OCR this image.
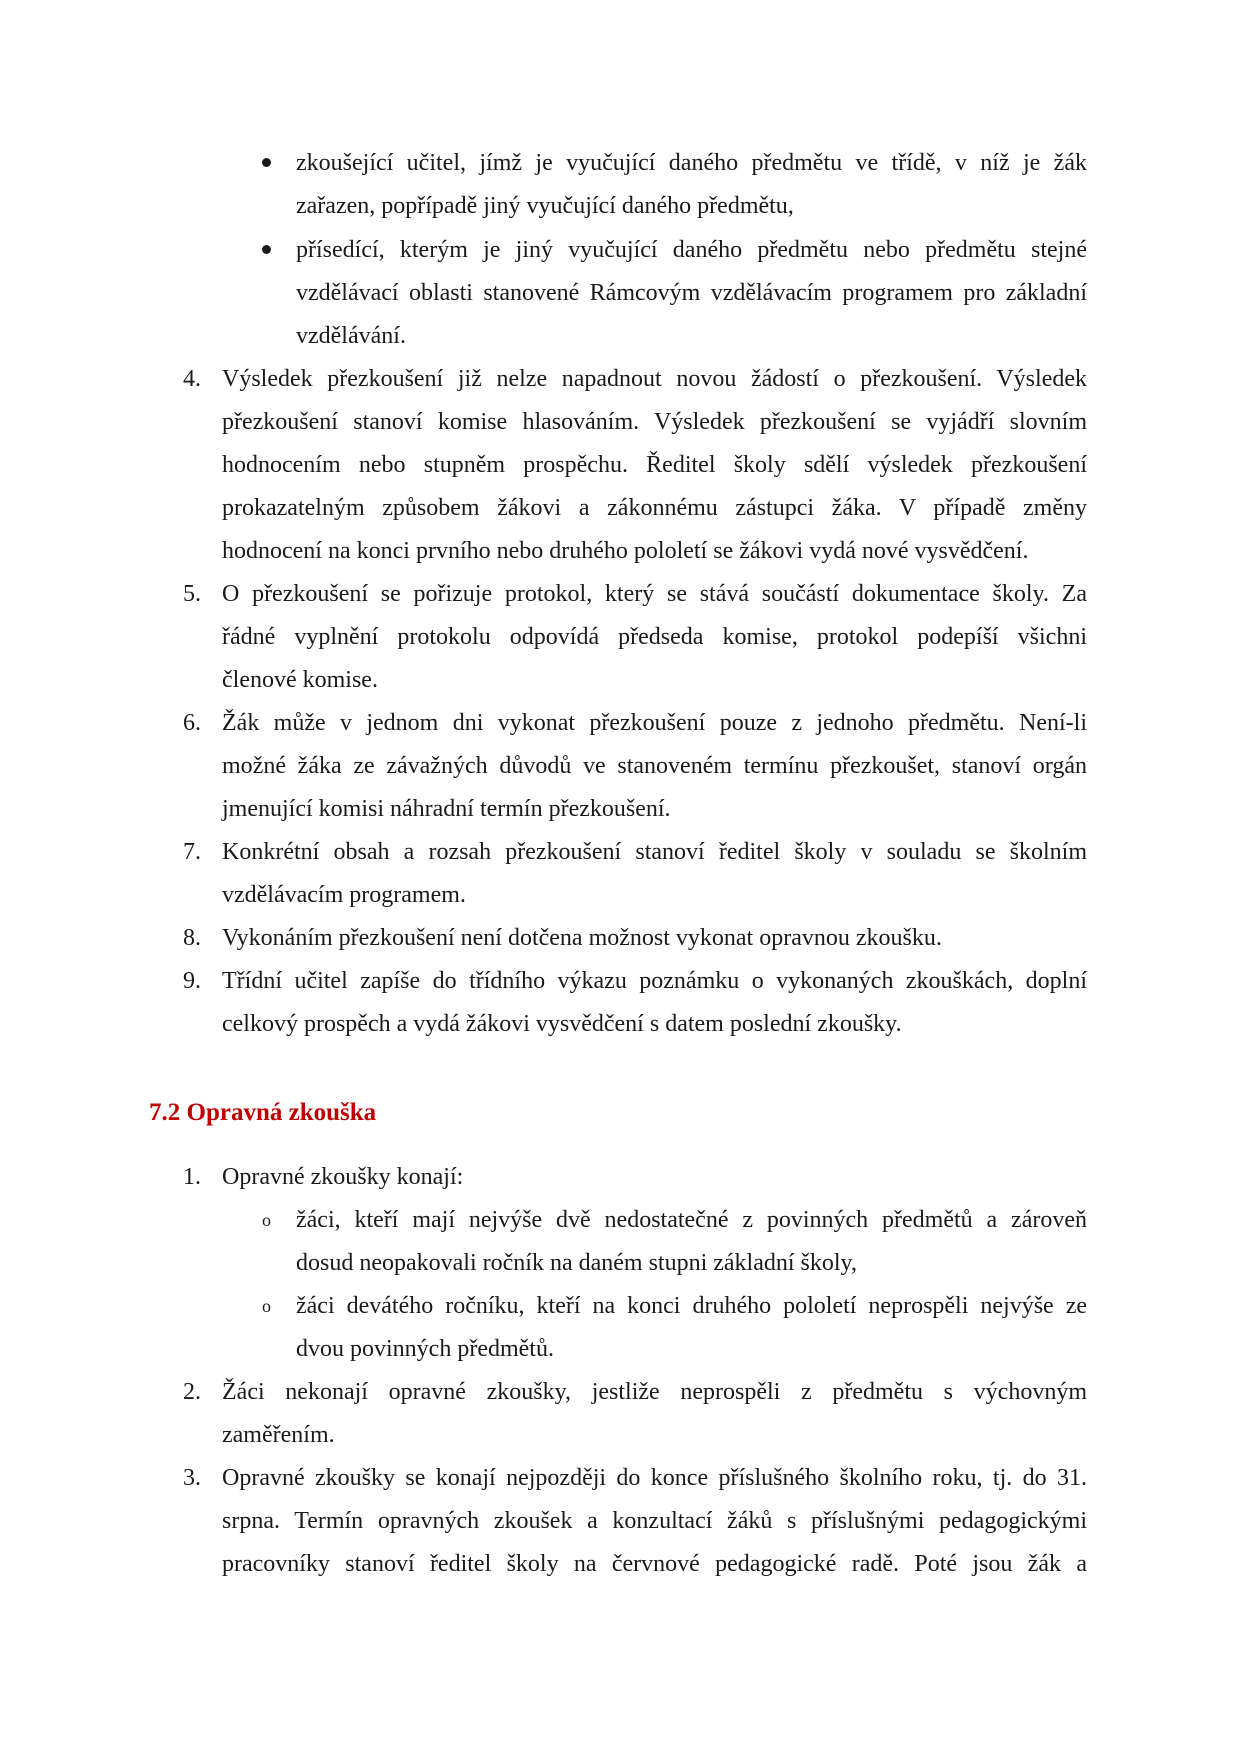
zkoušející učitel, jímž je vyučující daného předmětu ve třídě, v níž je žák
zařazen, popřípadě jiný vyučující daného předmětu,
přísedící, kterým je jiný vyučující daného předmětu nebo předmětu stejné
vzdělávací oblasti stanovené Rámcovým vzdělávacím programem pro základní
vzdělávání.
4. Výsledek přezkoušení již nelze napadnout novou žádostí o přezkoušení. Výsledek
přezkoušení stanoví komise hlasováním. Výsledek přezkoušení se vyjádří slovním
hodnocením nebo stupněm prospěchu. Ředitel školy sdělí výsledek přezkoušení
prokazatelným způsobem žákovi a zákonnému zástupci žáka. V případě změny
hodnocení na konci prvního nebo druhého pololetí se žákovi vydá nové vysvědčení.
5. O přezkoušení se pořizuje protokol, který se stává součástí dokumentace školy. Za
řádné vyplnění protokolu odpovídá předseda komise, protokol podepíší všichni
členové komise.
6. Žák může v jednom dni vykonat přezkoušení pouze z jednoho předmětu. Není-li
možné žáka ze závažných důvodů ve stanoveném termínu přezkoušet, stanoví orgán
jmenující komisi náhradní termín přezkoušení.
7. Konkrétní obsah a rozsah přezkoušení stanoví ředitel školy v souladu se školním
vzdělávacím programem.
8. Vykonáním přezkoušení není dotčena možnost vykonat opravnou zkoušku.
9. Třídní učitel zapíše do třídního výkazu poznámku o vykonaných zkouškách, doplní
celkový prospěch a vydá žákovi vysvědčení s datem poslední zkoušky.
7.2 Opravná zkouška
1. Opravné zkoušky konají:
o žáci, kteří mají nejvýše dvě nedostatečné z povinných předmětů a zároveň
dosud neopakovali ročník na daném stupni základní školy,
o žáci devátého ročníku, kteří na konci druhého pololetí neprospěli nejvýše ze
dvou povinných předmětů.
2. Žáci nekonají opravné zkoušky, jestliže neprospěli z předmětu s výchovným
zaměřením.
3. Opravné zkoušky se konají nejpozději do konce příslušného školního roku, tj. do 31.
srpna. Termín opravných zkoušek a konzultací žáků s příslušnými pedagogickými
pracovníky stanoví ředitel školy na červnové pedagogické radě. Poté jsou žák a
